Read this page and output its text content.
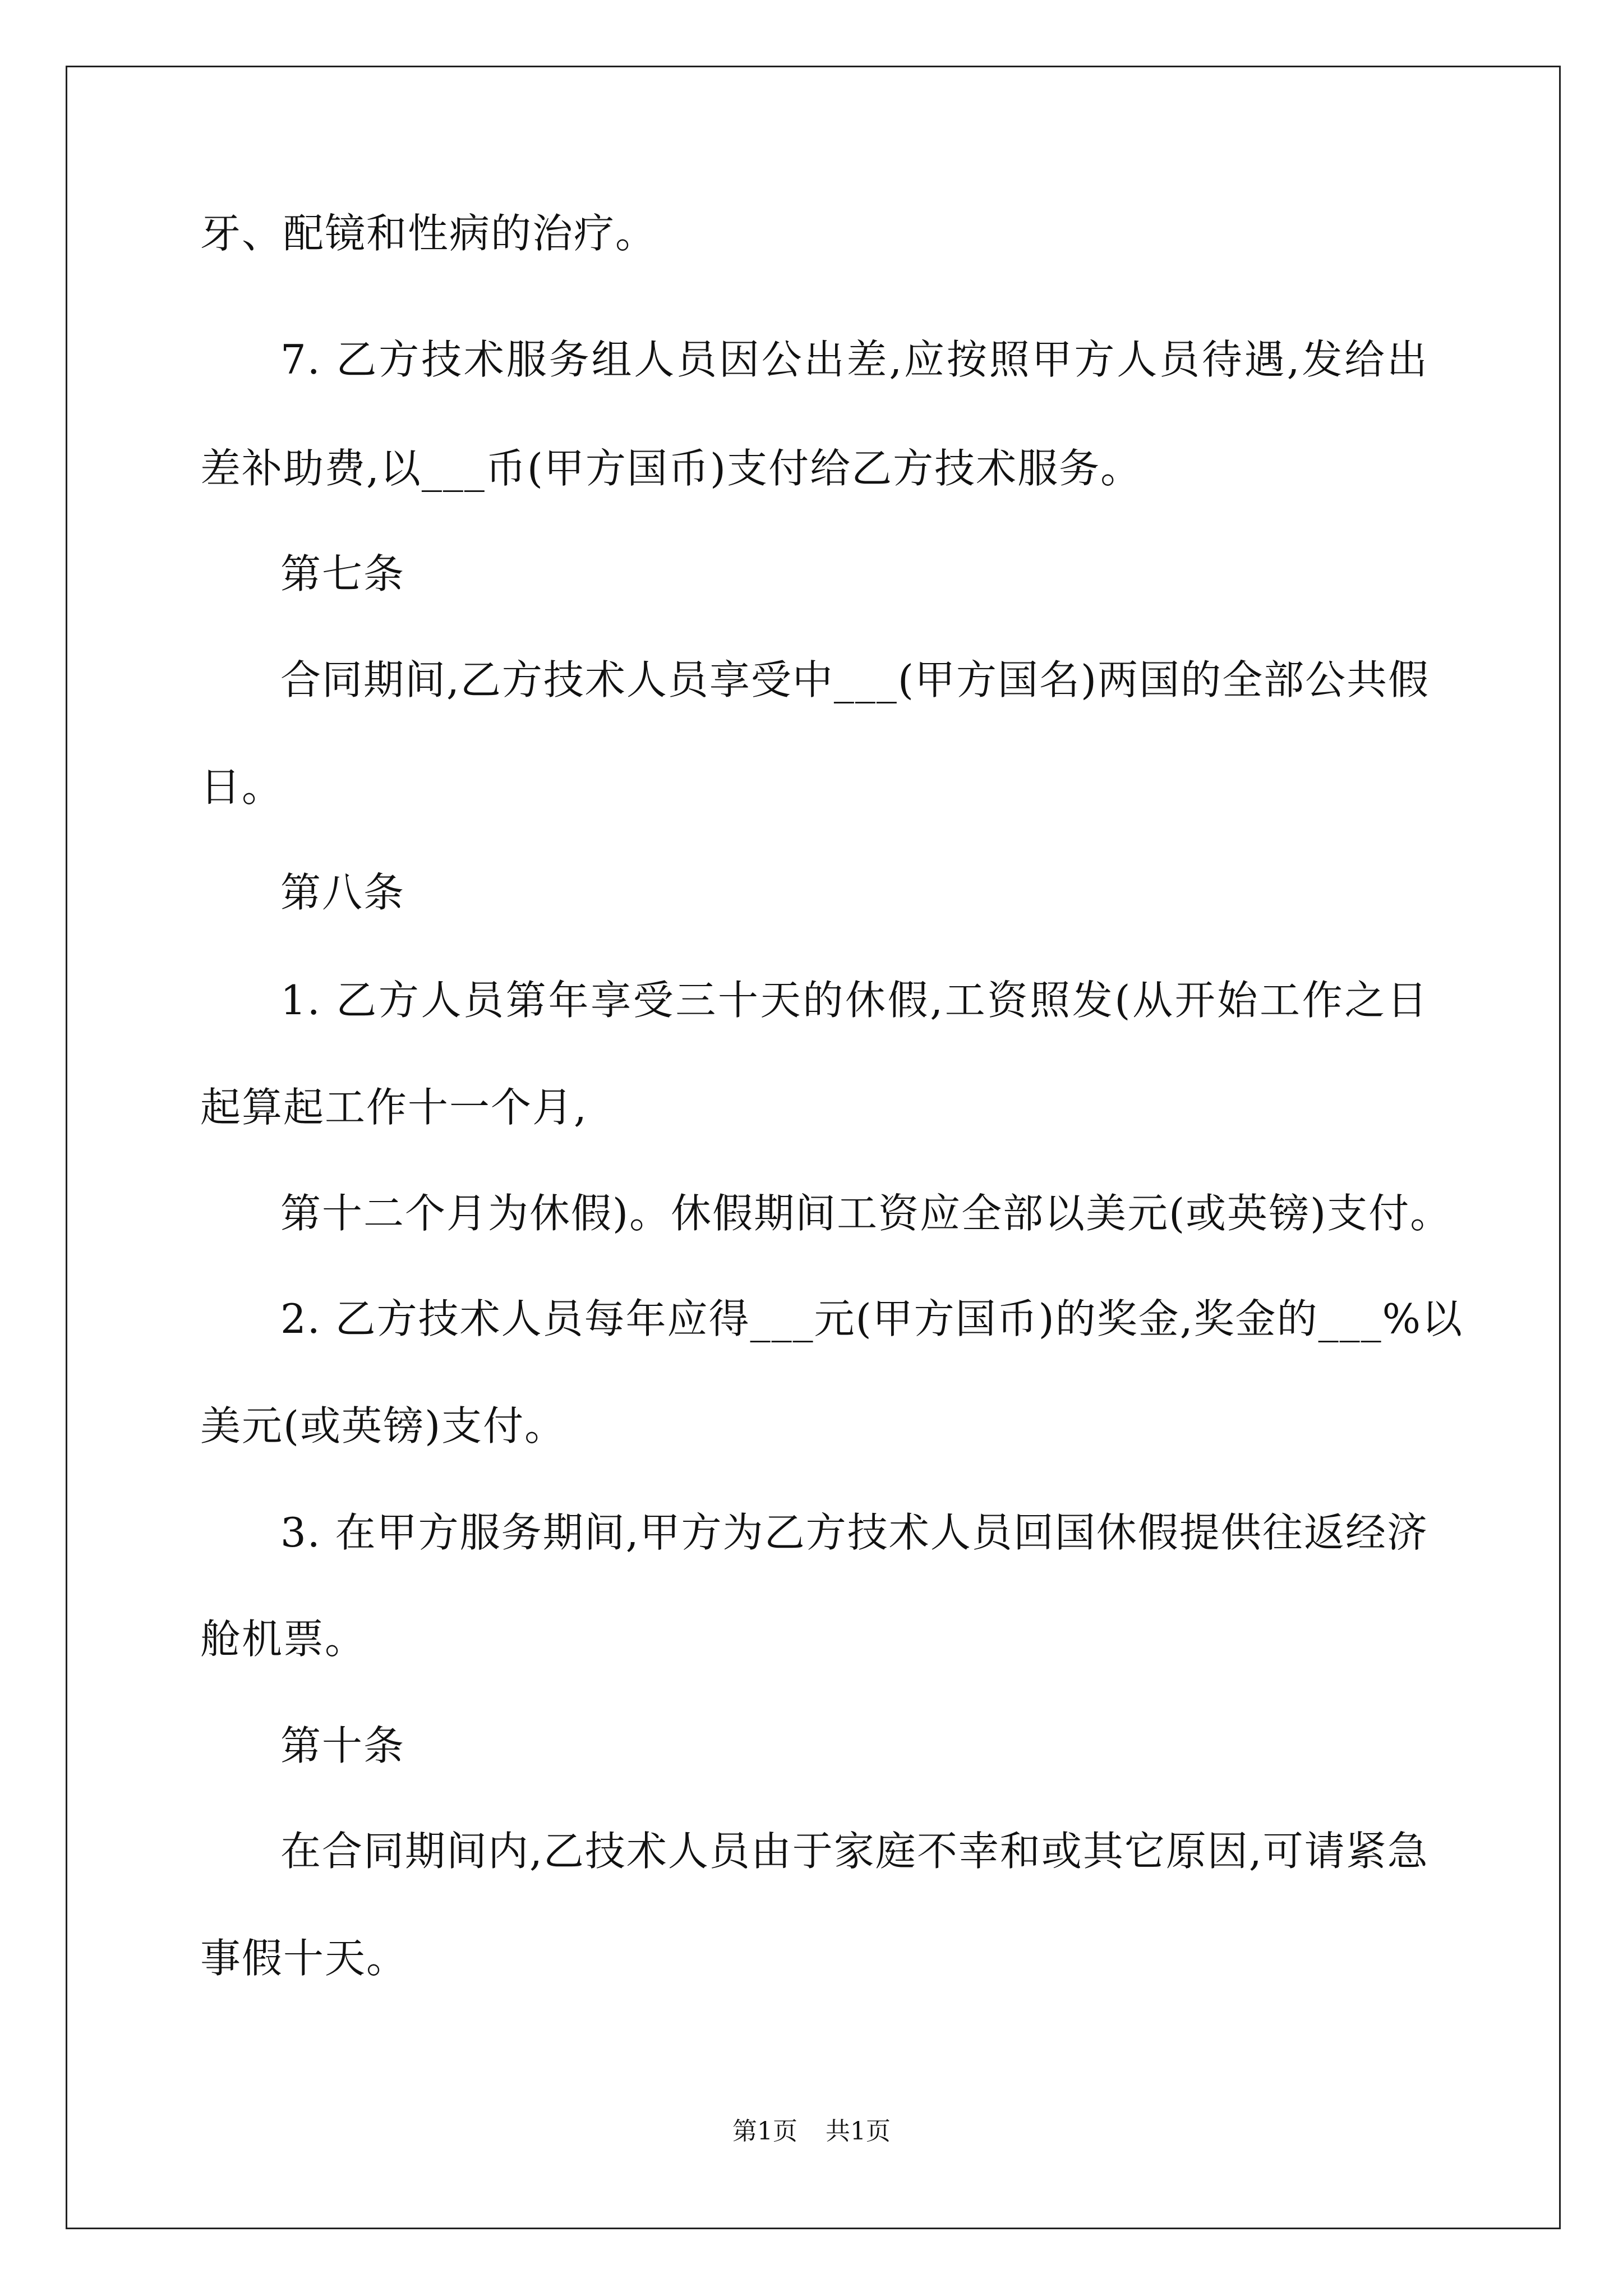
牙、配镜和性病的治疗。
7. 乙方技术服务组人员因公出差,应按照甲方人员待遇,发给出
差补助费,以___币(甲方国币)支付给乙方技术服务。
第七条
合同期间,乙方技术人员享受中___(甲方国名)两国的全部公共假
日。
第八条
1. 乙方人员第年享受三十天的休假,工资照发(从开始工作之日
起算起工作十一个月,
第十二个月为休假)。休假期间工资应全部以美元(或英镑)支付。
2. 乙方技术人员每年应得___元(甲方国币)的奖金,奖金的___%以
美元(或英镑)支付。
3. 在甲方服务期间,甲方为乙方技术人员回国休假提供往返经济
舱机票。
第十条
在合同期间内,乙技术人员由于家庭不幸和或其它原因,可请紧急
事假十天。
第1页 共1页
